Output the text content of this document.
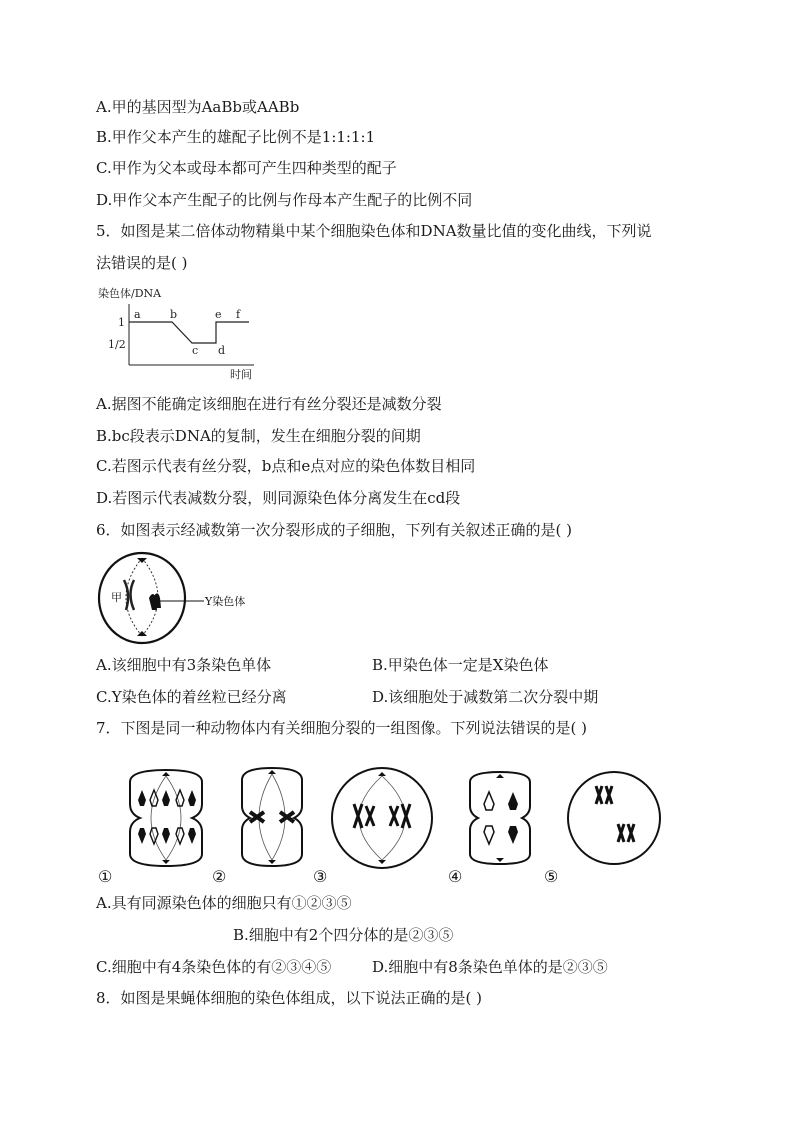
A.甲的基因型为AaBb或AABb
B.甲作父本产生的雄配子比例不是1:1:1:1
C.甲作为父本或母本都可产生四种类型的配子
D.甲作父本产生配子的比例与作母本产生配子的比例不同
5．如图是某二倍体动物精巢中某个细胞染色体和DNA数量比值的变化曲线，下列说
法错误的是( )
染色体/DNA
1
1/2
a	b
c d
e f
时间
A.据图不能确定该细胞在进行有丝分裂还是减数分裂
B.bc段表示DNA的复制，发生在细胞分裂的间期
C.若图示代表有丝分裂，b点和e点对应的染色体数目相同
D.若图示代表减数分裂，则同源染色体分离发生在cd段
6．如图表示经减数第一次分裂形成的子细胞，下列有关叙述正确的是( )
甲	Y染色体
A.该细胞中有3条染色单体	B.甲染色体一定是X染色体
C.Y染色体的着丝粒已经分离	D.该细胞处于减数第二次分裂中期
7．下图是同一种动物体内有关细胞分裂的一组图像。下列说法错误的是( )
①	②	③	④	⑤
A.具有同源染色体的细胞只有①②③⑤
B.细胞中有2个四分体的是②③⑤
C.细胞中有4条染色体的有②③④⑤	D.细胞中有8条染色单体的是②③⑤
8．如图是果蝇体细胞的染色体组成，以下说法正确的是( )
